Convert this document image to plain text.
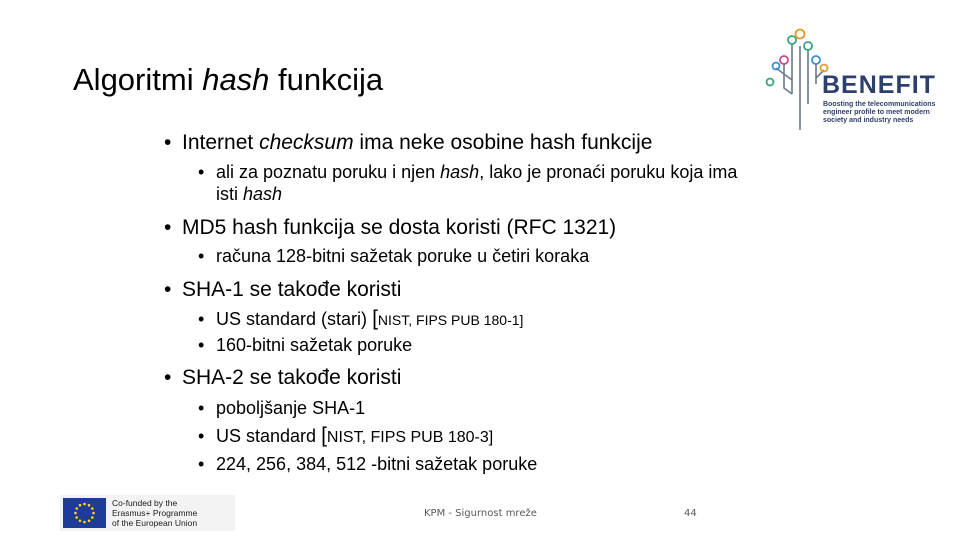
Algoritmi hash funkcija	BENEFIT
Boosting the telecommunications
engineer profile to meet modern
society and industry needs
• Internet checksum ima neke osobine hash funkcije
• ali za poznatu poruku i njen hash, lako je pronaći poruku koja ima
isti hash
• MD5 hash funkcija se dosta koristi (RFC 1321)
• računa 128-bitni sažetak poruke u četiri koraka
• SHA-1 se takođe koristi
• US standard (stari) [NIST, FIPS PUB 180-1]
• 160-bitni sažetak poruke
• SHA-2 se takođe koristi
• poboljšanje SHA-1
• US standard [NIST, FIPS PUB 180-3]
• 224, 256, 384, 512 -bitni sažetak poruke
Co-funded by the
Erasmus+ Programme
of the European Union
KPM - Sigurnost mreže	44
